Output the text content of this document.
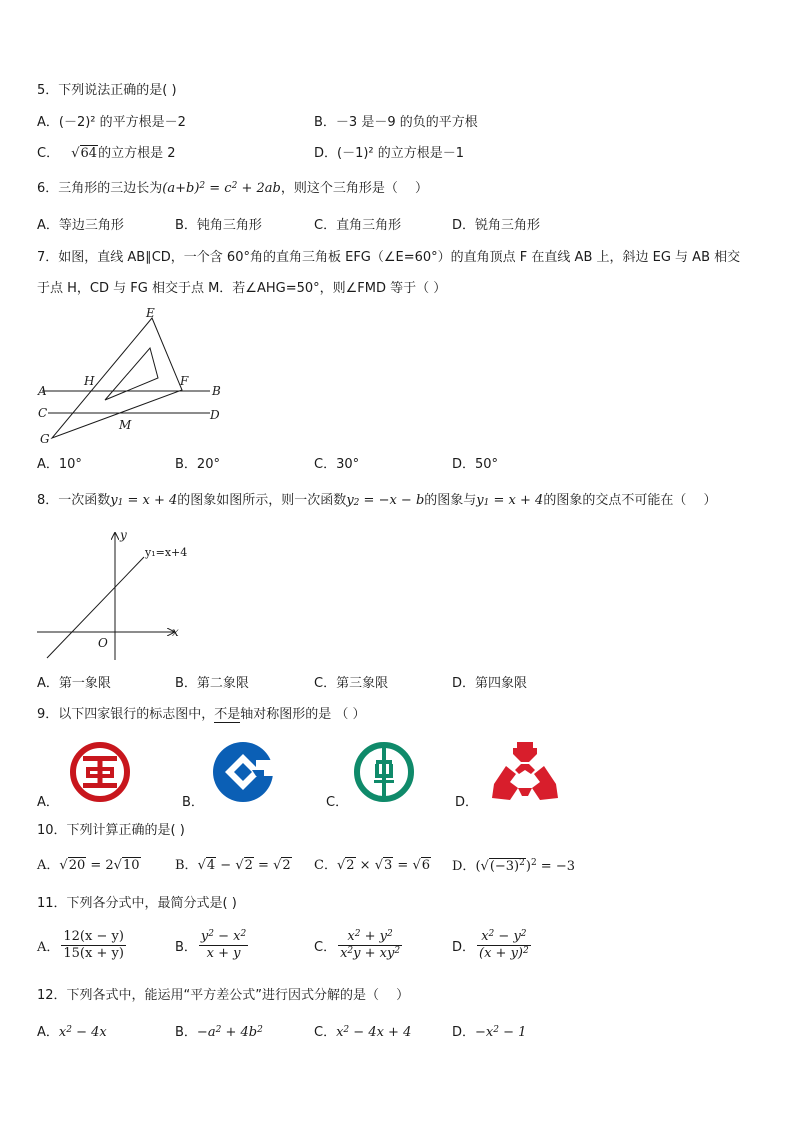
5．下列说法正确的是( )
A．(－2)² 的平方根是－2	B．－3 是－9 的负的平方根
C． √64的立方根是 2	D．(－1)² 的立方根是－1
6．三角形的三边长为$(a+b)^2 = c^2 + 2ab$，则这个三角形是（　 ）
A．等边三角形	B．钝角三角形	C．直角三角形	D．锐角三角形
7．如图，直线 AB∥CD，一个含 60°角的直角三角板 EFG（∠E=60°）的直角顶点 F 在直线 AB 上，斜边 EG 与 AB 相交
于点 H，CD 与 FG 相交于点 M．若∠AHG=50°，则∠FMD 等于（ ）
E
H	F
A	B
C	D
M
G
A．10°	B．20°	C．30°	D．50°
8．一次函数$y_1 = x + 4$的图象如图所示，则一次函数$y_2 = -x - b$的图象与$y_1 = x + 4$的图象的交点不可能在（　 ）
y
x
O
y₁=x+4
A．第一象限	B．第二象限	C．第三象限	D．第四象限
9．以下四家银行的标志图中，不是轴对称图形的是 （ ）
A．	B．	C．	D．
10．下列计算正确的是( )
A．√20 = 2√10	B．√4 − √2 = √2 C．√2 × √3 = √6 D．$(√(-3)^2)^2 = -3$
11．下列各分式中，最简分式是( )
A． $\frac{12(x - y)}{15(x + y)}$	B． $\frac{y^2 - x^2}{x + y}$	C． $\frac{x^2 + y^2}{x^2y + xy^2}$	D． $\frac{x^2 - y^2}{(x + y)^2}$
12．下列各式中，能运用“平方差公式”进行因式分解的是（　 ）
A．$x^2 - 4x$	B．$-a^2 + 4b^2$	C．$x^2 - 4x + 4$	D．$-x^2 - 1$
